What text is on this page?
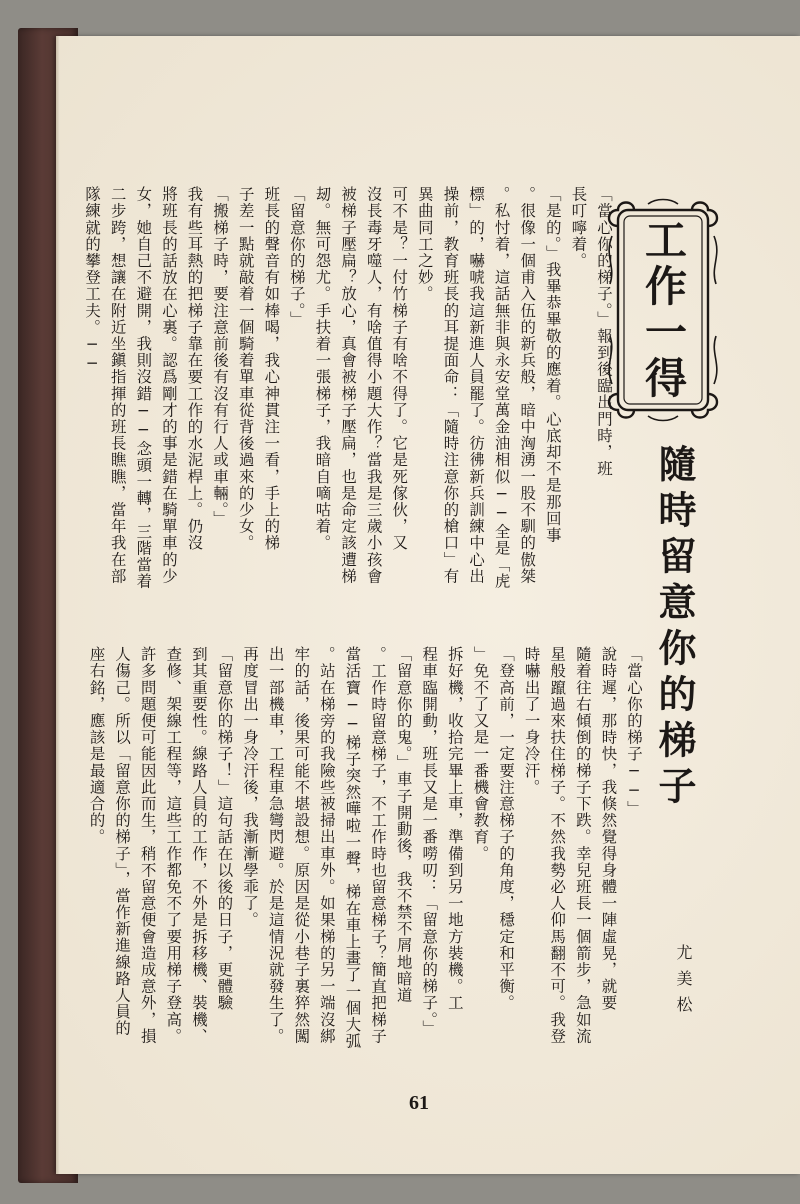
工作一得
隨時留意你的梯子
尤美松
「當心你的梯子。」報到後臨出門時，班
長叮嚀着。
「是的。」我畢恭畢敬的應着。心底却不是那回事
。很像一個甫入伍的新兵般，暗中洶湧一股不馴的傲桀
。私忖着，這話無非與永安堂萬金油相似──全是「虎
標」的，嚇唬我這新進人員罷了。彷彿新兵訓練中心出
操前，教育班長的耳提面命：「隨時注意你的槍口」有
異曲同工之妙。
可不是？一付竹梯子有啥不得了。它是死傢伙，又
沒長毒牙噬人，有啥值得小題大作？當我是三歲小孩會
被梯子壓扁？放心，真會被梯子壓扁，也是命定該遭梯
刼。無可怨尤。手扶着一張梯子，我暗自嘀咕着。
「留意你的梯子。」
班長的聲音有如棒喝，我心神貫注一看，手上的梯
子差一點就敲着一個騎着單車從背後過來的少女。
「搬梯子時，要注意前後有沒有行人或車輛。」
我有些耳熱的把梯子靠在要工作的水泥桿上。仍沒
將班長的話放在心裏。認爲剛才的事是錯在騎單車的少
女，她自己不避開，我則沒錯──念頭一轉，三階當着
二步跨，想讓在附近坐鎭指揮的班長瞧瞧，當年我在部
隊練就的攀登工夫。──
「當心你的梯子──」
說時遲，那時快，我倏然覺得身體一陣虛晃，就要
隨着往右傾倒的梯子下跌。幸兒班長一個箭步，急如流
星般躥過來扶住梯子。不然我勢必人仰馬翻不可。我登
時嚇出了一身冷汗。
「登高前，一定要注意梯子的角度，穩定和平衡。
」免不了又是一番機會教育。
拆好機，收拾完畢上車，準備到另一地方裝機。工
程車臨開動，班長又是一番嘮叨：「留意你的梯子。」
「留意你的鬼。」車子開動後，我不禁不屑地暗道
。工作時留意梯子，不工作時也留意梯子？簡直把梯子
當活寶──梯子突然嘩啦一聲，梯在車上畫了一個大弧
。站在梯旁的我險些被掃出車外。如果梯的另一端沒綁
牢的話，後果可能不堪設想。原因是從小巷子裏猝然闖
出一部機車，工程車急彎閃避。於是這情況就發生了。
再度冒出一身冷汗後，我漸漸學乖了。
「留意你的梯子！」這句話在以後的日子，更體驗
到其重要性。線路人員的工作，不外是拆移機、裝機、
查修、架線工程等，這些工作都免不了要用梯子登高。
許多問題便可能因此而生，稍不留意便會造成意外，損
人傷己。所以「留意你的梯子」，當作新進線路人員的
座右銘，應該是最適合的。
61
